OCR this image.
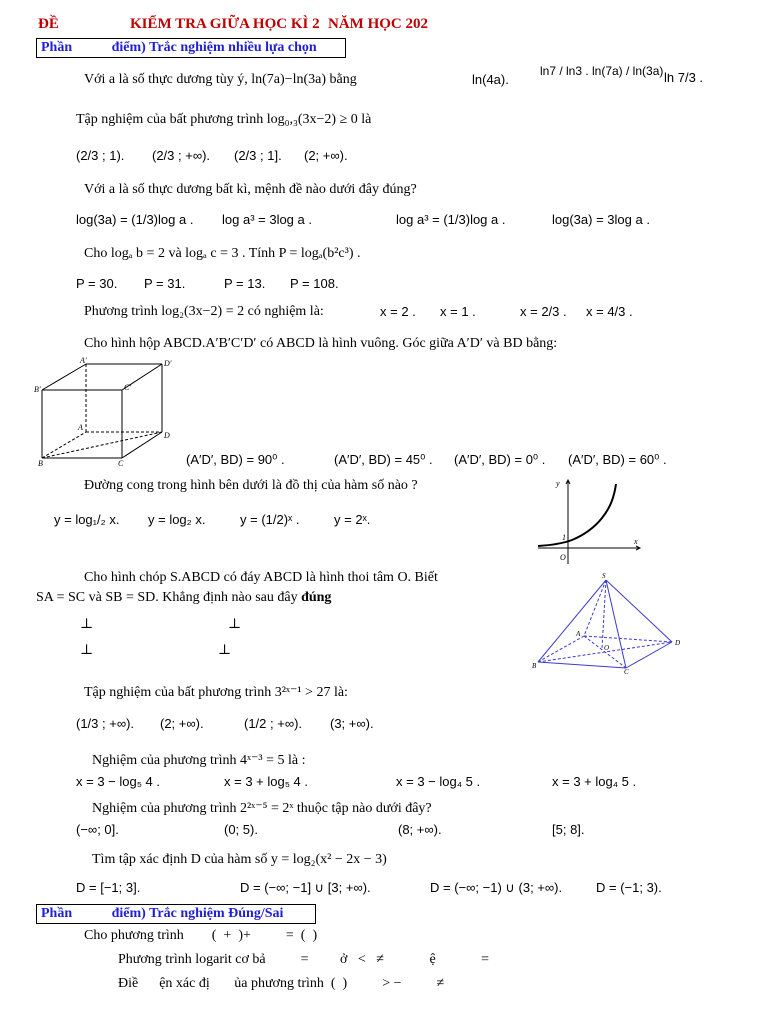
ĐỀ	KIỂM TRA GIỮA HỌC KÌ 2 NĂM HỌC 202
Phần	điểm) Trắc nghiệm nhiều lựa chọn
Với a là số thực dương tùy ý, ln(7a)−ln(3a) bằng	ln(4a).
ln7 / ln3 . ln(7a) / ln(3a) .
ln 7/3 .
Tập nghiệm của bất phương trình log₀,₃(3x−2) ≥ 0 là
(2/3 ; 1). (2/3 ; +∞). (2/3 ; 1]. (2; +∞).
Với a là số thực dương bất kì, mệnh đề nào dưới đây đúng?
log(3a) = (1/3)log a . log a³ = 3log a .	log a³ = (1/3)log a .	log(3a) = 3log a .
Cho logₐ b = 2 và logₐ c = 3 . Tính P = logₐ(b²c³) .
P = 30. P = 31.	P = 13. P = 108.
Phương trình log₂(3x−2) = 2 có nghiệm là:	x = 2 . x = 1 .	x = 2/3 . x = 4/3 .
Cho hình hộp ABCD.A′B′C′D′ có ABCD là hình vuông. Góc giữa A′D′ và BD bằng:
A′	D′
B′	C′
A
D
B	C	(A′D′, BD) = 90⁰ .	(A′D′, BD) = 45⁰ . (A′D′, BD) = 0⁰ . (A′D′, BD) = 60⁰ .
Đường cong trong hình bên dưới là đồ thị của hàm số nào ?	y
x
O
1
y = log₁/₂ x. y = log₂ x.	y = (1/2)ˣ .	y = 2ˣ.
Cho hình chóp S.ABCD có đáy ABCD là hình thoi tâm O. Biết
SA = SC và SB = SD. Khẳng định nào sau đây đúng
⊥	⊥
⊥	⊥
S
A
O
D
B
C
Tập nghiệm của bất phương trình 3²ˣ⁻¹ > 27 là:
(1/3 ; +∞). (2; +∞).	(1/2 ; +∞). (3; +∞).
Nghiệm của phương trình 4ˣ⁻³ = 5 là :
x = 3 − log₅ 4 .	x = 3 + log₅ 4 .	x = 3 − log₄ 5 .	x = 3 + log₄ 5 .
Nghiệm của phương trình 2²ˣ⁻⁵ = 2ˣ thuộc tập nào dưới đây?
(−∞; 0].	(0; 5).	(8; +∞).	[5; 8].
Tìm tập xác định D của hàm số y = log₂(x² − 2x − 3)
D = [−1; 3].	D = (−∞; −1] ∪ [3; +∞).	D = (−∞; −1) ∪ (3; +∞).	D = (−1; 3).
Phần	điểm) Trắc nghiệm Đúng/Sai
Cho phương trình        (  +  )+          =  (  )
Phương trình logarit cơ bả          =         ở   <   ≠             ệ             =
Điề      ện xác đị       ủa phương trình  (  )          > −          ≠
